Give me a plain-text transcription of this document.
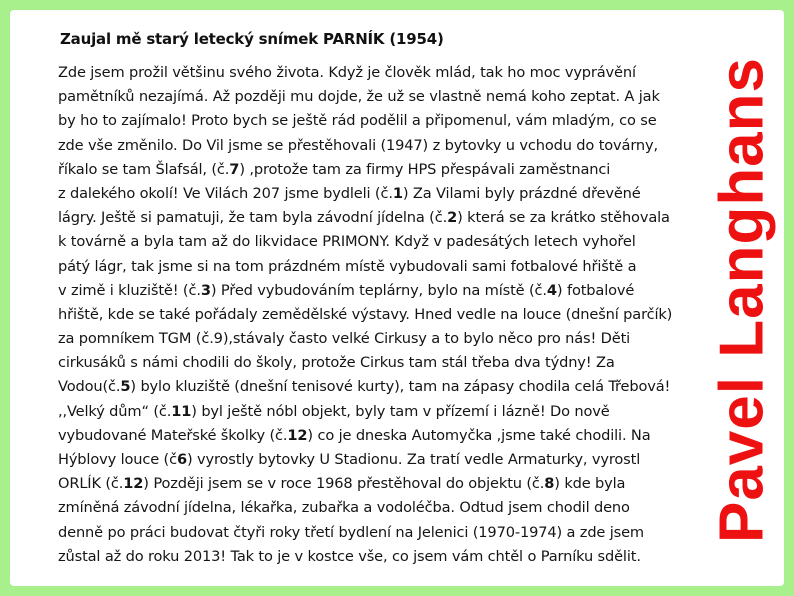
Zaujal mě starý letecký snímek PARNÍK (1954)
Zde jsem prožil většinu svého života. Když je člověk mlád, tak ho moc vyprávění
pamětníků nezajímá. Až později mu dojde, že už se vlastně nemá koho zeptat. A jak
by ho to zajímalo! Proto bych se ještě rád podělil a připomenul, vám mladým, co se
zde vše změnilo. Do Vil jsme se přestěhovali (1947) z bytovky u vchodu do továrny,
říkalo se tam Šlafsál, (č.7) ,protože tam za firmy HPS přespávali zaměstnanci
z dalekého okolí! Ve Vilách 207 jsme bydleli (č.1) Za Vilami byly prázdné dřevěné
lágry. Ještě si pamatuji, že tam byla závodní jídelna (č.2) která se za krátko stěhovala
k továrně a byla tam až do likvidace PRIMONY. Když v padesátých letech vyhořel
pátý lágr, tak jsme si na tom prázdném místě vybudovali sami fotbalové hřiště a
v zimě i kluziště! (č.3) Před vybudováním teplárny, bylo na místě (č.4) fotbalové
hřiště, kde se také pořádaly zemědělské výstavy. Hned vedle na louce (dnešní parčík)
za pomníkem TGM (č.9),stávaly často velké Cirkusy a to bylo něco pro nás! Děti
cirkusáků s námi chodili do školy, protože Cirkus tam stál třeba dva týdny! Za
Vodou(č.5) bylo kluziště (dnešní tenisové kurty), tam na zápasy chodila celá Třebová!
,,Velký dům“ (č.11) byl ještě nóbl objekt, byly tam v přízemí i lázně! Do nově
vybudované Mateřské školky (č.12) co je dneska Automyčka ,jsme také chodili. Na
Hýblovy louce (č6) vyrostly bytovky U Stadionu. Za tratí vedle Armaturky, vyrostl
ORLÍK (č.12) Později jsem se v roce 1968 přestěhoval do objektu (č.8) kde byla
zmíněná závodní jídelna, lékařka, zubařka a vodoléčba. Odtud jsem chodil deno
denně po práci budovat čtyři roky třetí bydlení na Jelenici (1970-1974) a zde jsem
zůstal až do roku 2013! Tak to je v kostce vše, co jsem vám chtěl o Parníku sdělit.
Pavel Langhans
